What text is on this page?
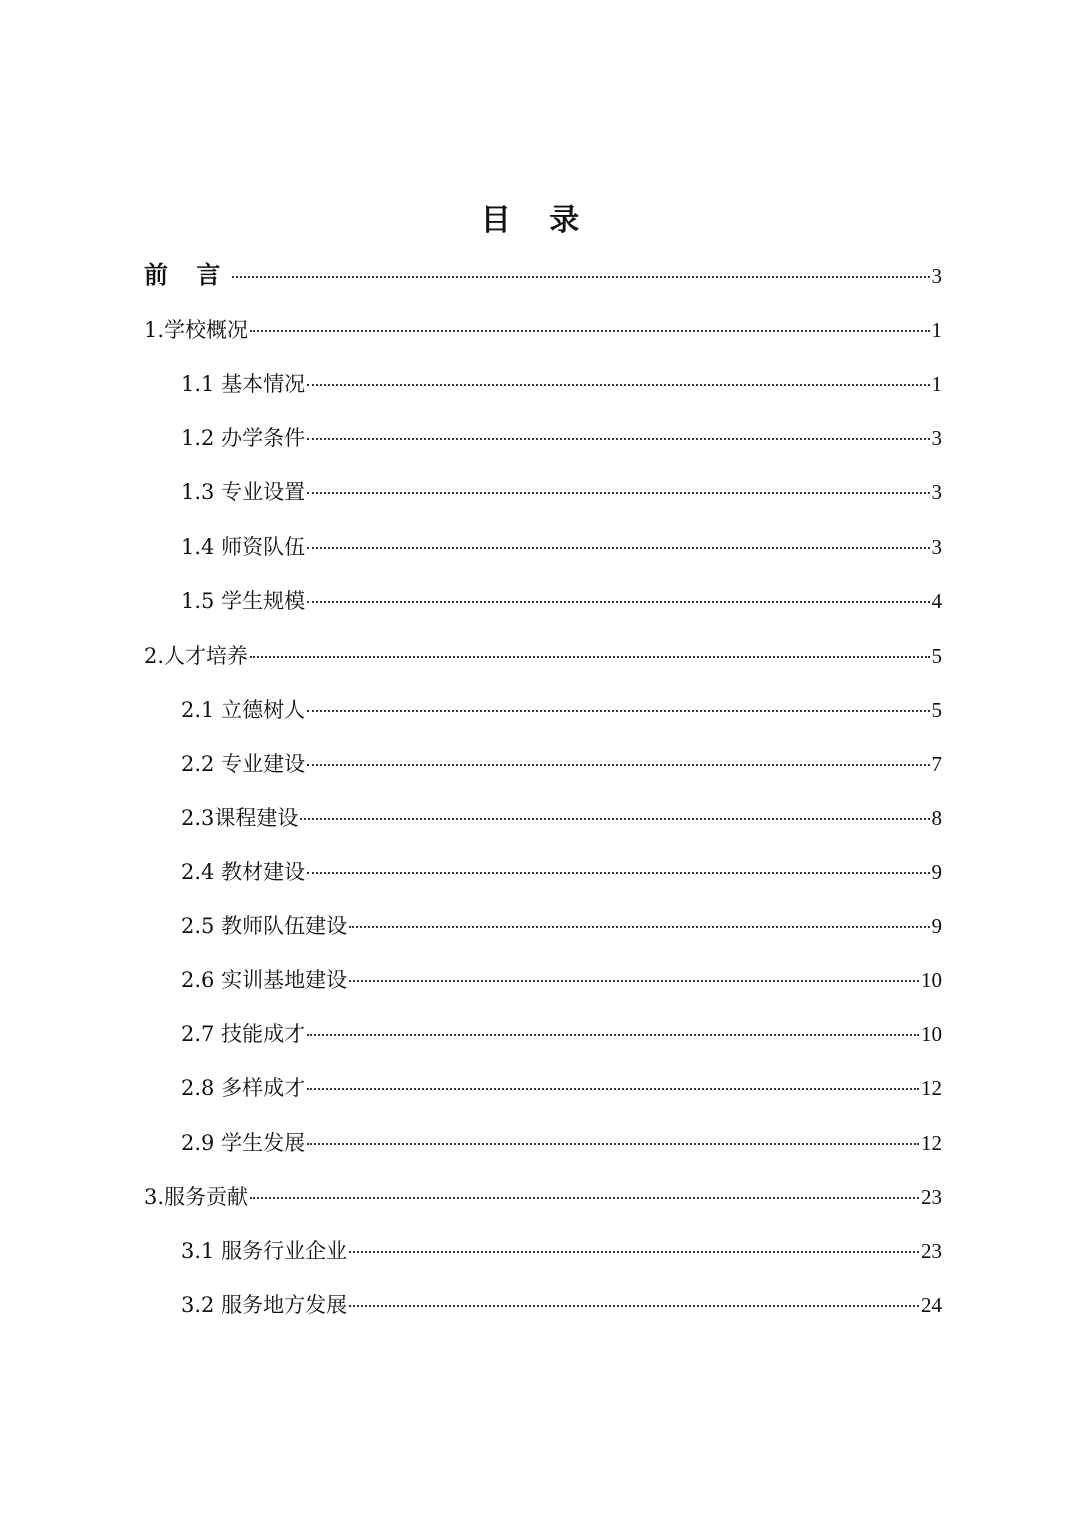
目 录
前 言	3
1.学校概况	1
1.1 基本情况	1
1.2 办学条件	3
1.3 专业设置	3
1.4 师资队伍	3
1.5 学生规模	4
2.人才培养	5
2.1 立德树人	5
2.2 专业建设	7
2.3课程建设	8
2.4 教材建设	9
2.5 教师队伍建设	9
2.6 实训基地建设	10
2.7 技能成才	10
2.8 多样成才	12
2.9 学生发展	12
3.服务贡献	23
3.1 服务行业企业	23
3.2 服务地方发展	24
